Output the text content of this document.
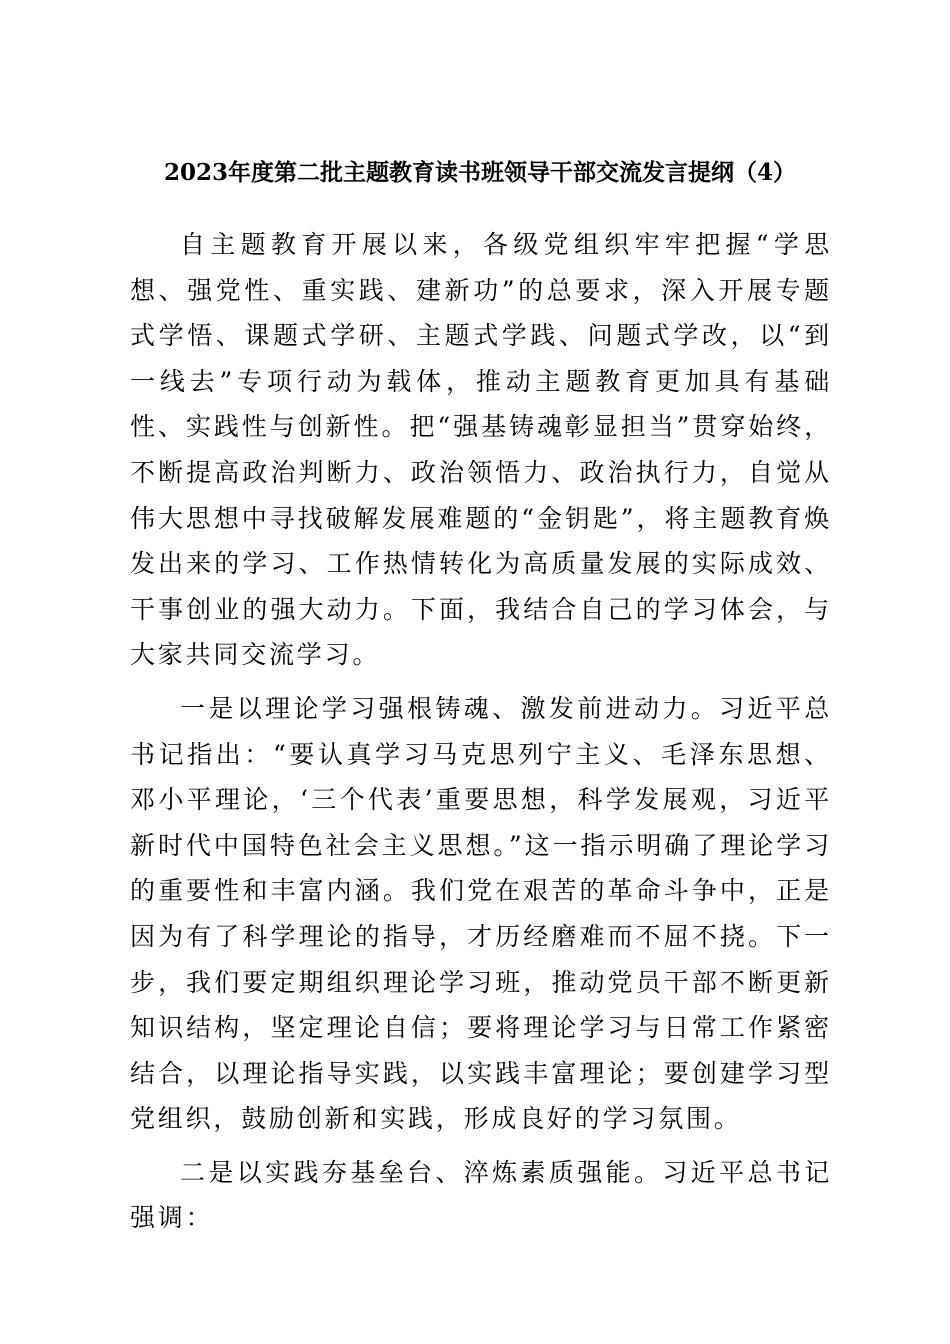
2023年度第二批主题教育读书班领导干部交流发言提纲（4）

自主题教育开展以来，各级党组织牢牢把握“学思想、强党性、重实践、建新功”的总要求，深入开展专题式学悟、课题式学研、主题式学践、问题式学改，以“到一线去”专项行动为载体，推动主题教育更加具有基础性、实践性与创新性。把“强基铸魂彰显担当”贯穿始终，不断提高政治判断力、政治领悟力、政治执行力，自觉从伟大思想中寻找破解发展难题的“金钥匙”，将主题教育焕发出来的学习、工作热情转化为高质量发展的实际成效、干事创业的强大动力。下面，我结合自己的学习体会，与大家共同交流学习。

一是以理论学习强根铸魂、激发前进动力。习近平总书记指出：“要认真学习马克思列宁主义、毛泽东思想、邓小平理论，‘三个代表’重要思想，科学发展观，习近平新时代中国特色社会主义思想。”这一指示明确了理论学习的重要性和丰富内涵。我们党在艰苦的革命斗争中，正是因为有了科学理论的指导，才历经磨难而不屈不挠。下一步，我们要定期组织理论学习班，推动党员干部不断更新知识结构，坚定理论自信；要将理论学习与日常工作紧密结合，以理论指导实践，以实践丰富理论；要创建学习型党组织，鼓励创新和实践，形成良好的学习氛围。

二是以实践夯基垒台、淬炼素质强能。习近平总书记强调：
